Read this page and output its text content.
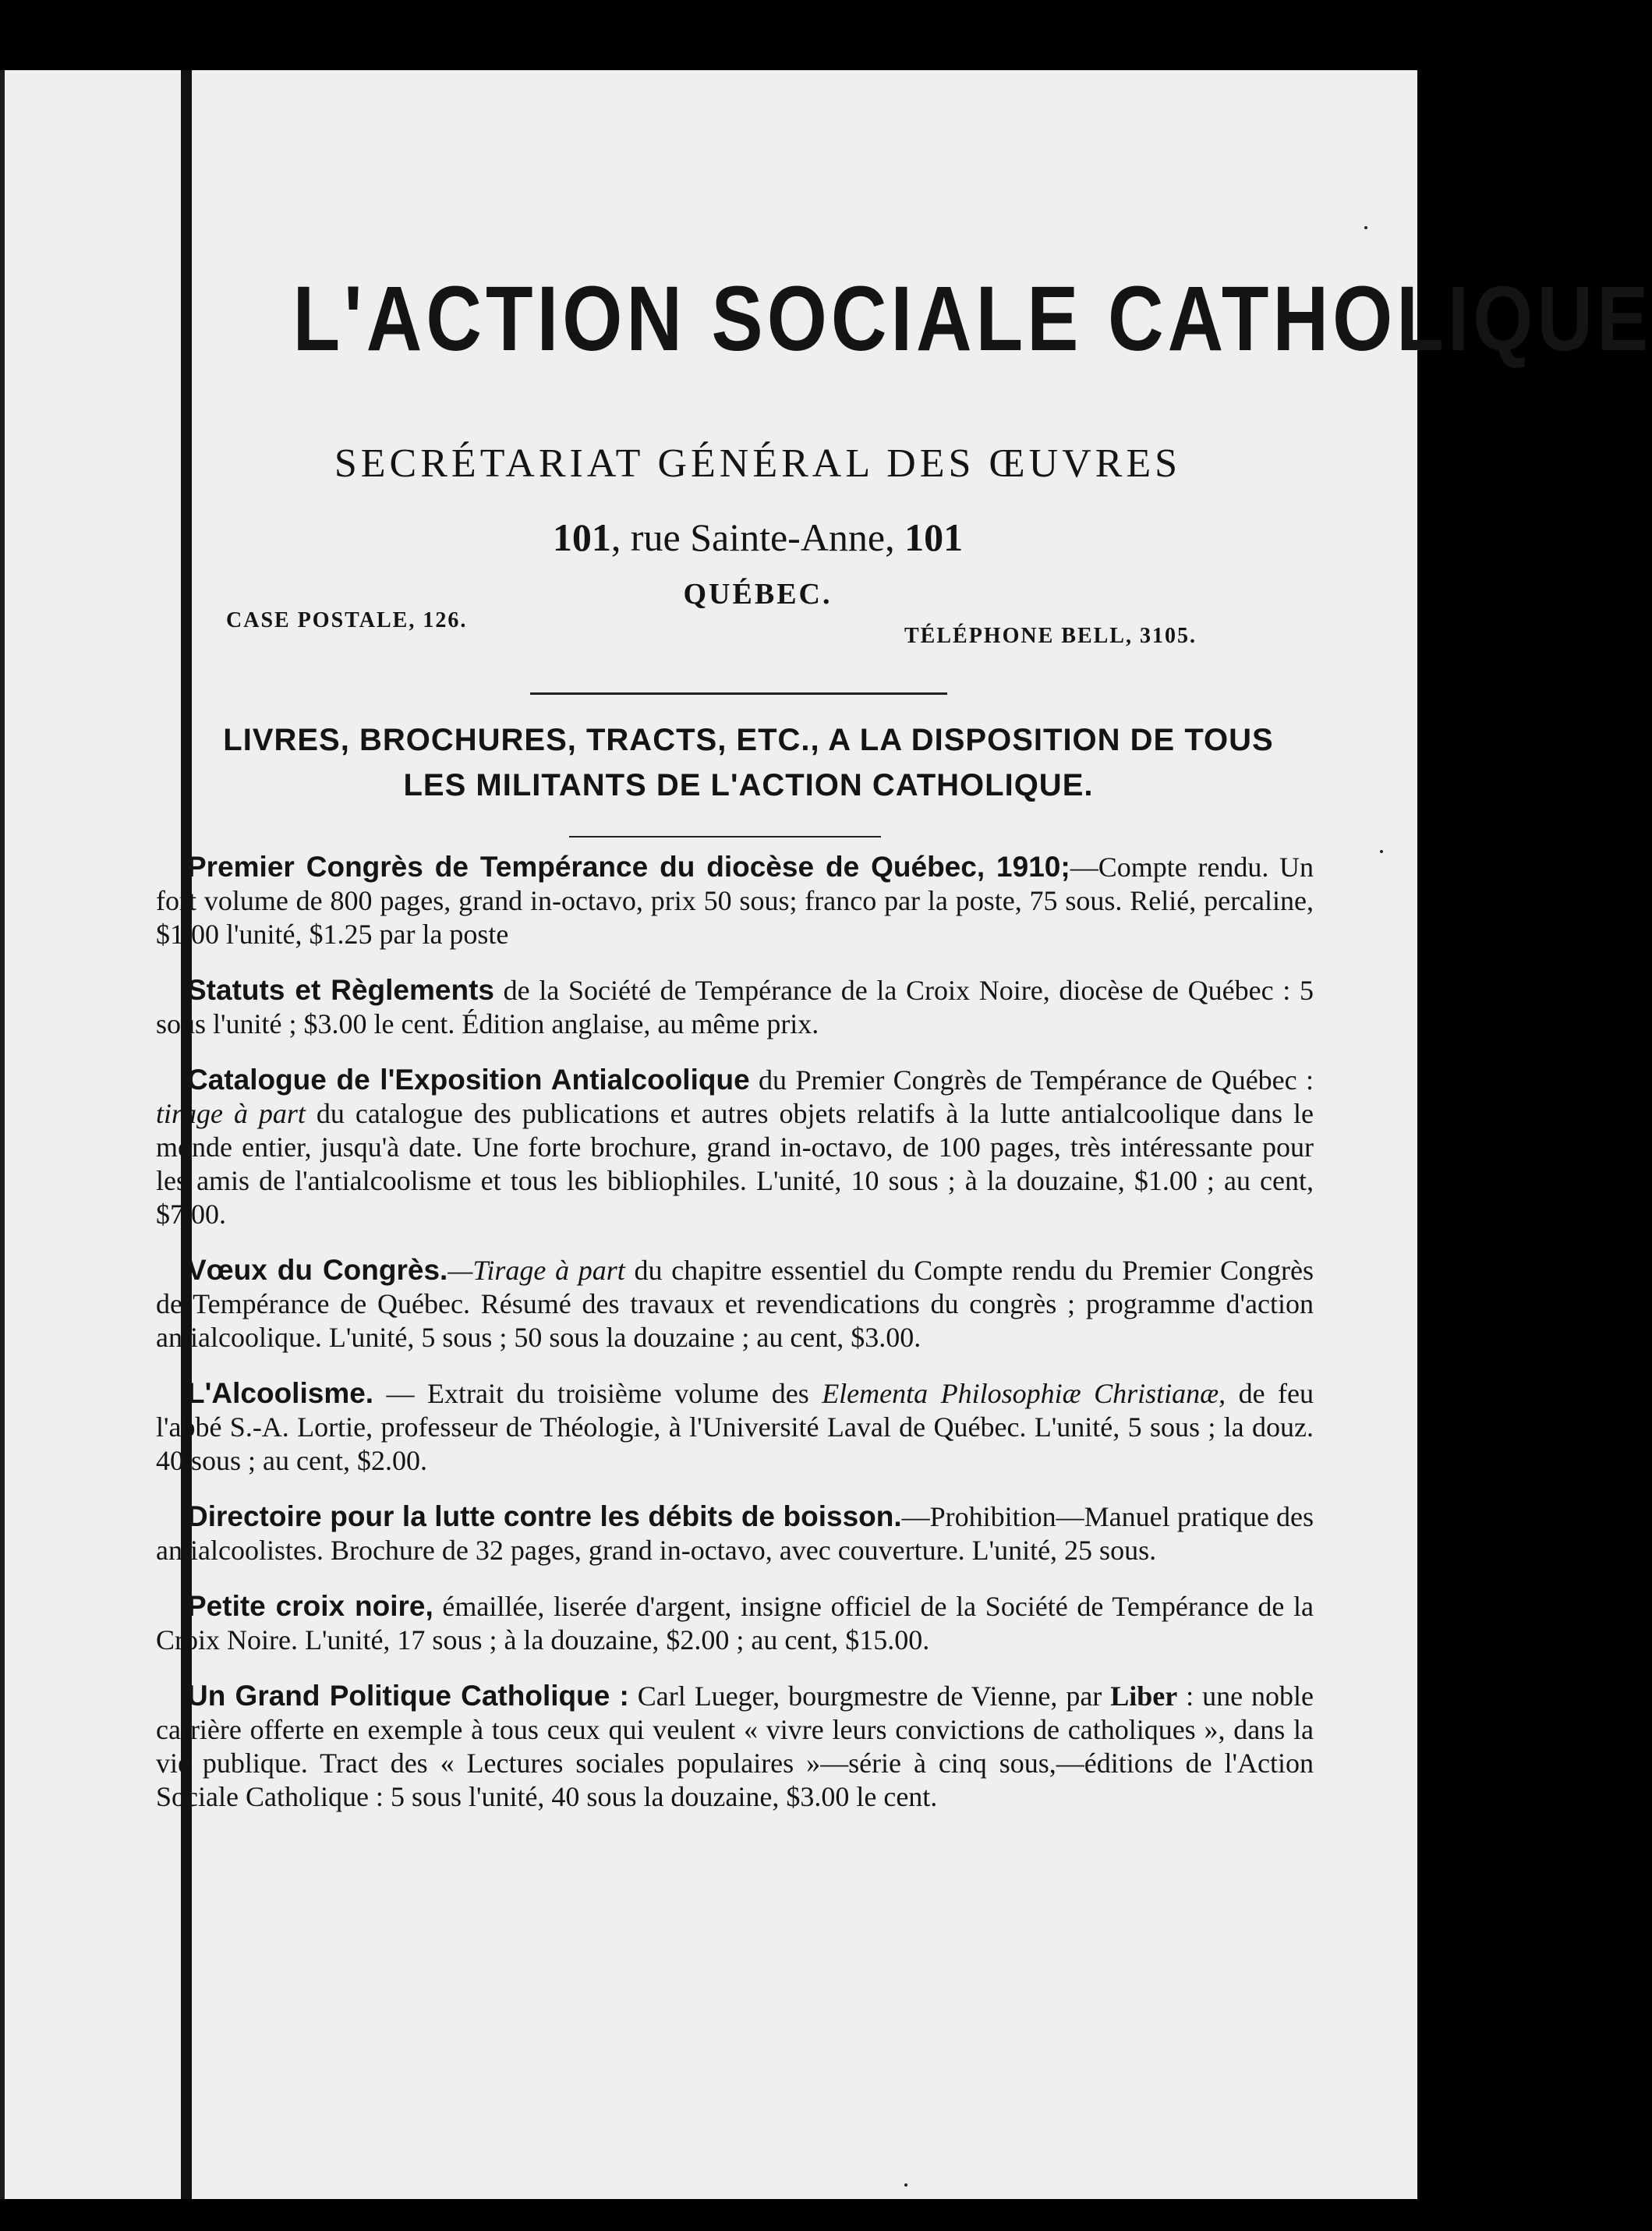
L'ACTION SOCIALE CATHOLIQUE
SECRÉTARIAT GÉNÉRAL DES ŒUVRES
101, rue Sainte-Anne, 101
QUÉBEC.
CASE POSTALE, 126.
TÉLÉPHONE BELL, 3105.
LIVRES, BROCHURES, TRACTS, ETC., A LA DISPOSITION DE TOUS
LES MILITANTS DE L'ACTION CATHOLIQUE.

Premier Congrès de Tempérance du diocèse de Québec, 1910;—Compte rendu. Un fort volume de 800 pages, grand in-octavo, prix 50 sous; franco par la poste, 75 sous. Relié, percaline, $1.00 l'unité, $1.25 par la poste

Statuts et Règlements de la Société de Tempérance de la Croix Noire, diocèse de Québec : 5 sous l'unité ; $3.00 le cent. Édition anglaise, au même prix.

Catalogue de l'Exposition Antialcoolique du Premier Congrès de Tempérance de Québec : tirage à part du catalogue des publications et autres objets relatifs à la lutte antialcoolique dans le monde entier, jusqu'à date. Une forte brochure, grand in-octavo, de 100 pages, très intéressante pour les amis de l'antialcoolisme et tous les bibliophiles. L'unité, 10 sous ; à la douzaine, $1.00 ; au cent, $7.00.

Vœux du Congrès.—Tirage à part du chapitre essentiel du Compte rendu du Premier Congrès de Tempérance de Québec. Résumé des travaux et revendications du congrès ; programme d'action antialcoolique. L'unité, 5 sous ; 50 sous la douzaine ; au cent, $3.00.

L'Alcoolisme. — Extrait du troisième volume des Elementa Philosophiæ Christianæ, de feu l'abbé S.-A. Lortie, professeur de Théologie, à l'Université Laval de Québec. L'unité, 5 sous ; la douz. 40 sous ; au cent, $2.00.

Directoire pour la lutte contre les débits de boisson.—Prohibition—Manuel pratique des antialcoolistes. Brochure de 32 pages, grand in-octavo, avec couverture. L'unité, 25 sous.

Petite croix noire, émaillée, liserée d'argent, insigne officiel de la Société de Tempérance de la Croix Noire. L'unité, 17 sous ; à la douzaine, $2.00 ; au cent, $15.00.

Un Grand Politique Catholique : Carl Lueger, bourgmestre de Vienne, par Liber : une noble carrière offerte en exemple à tous ceux qui veulent « vivre leurs convictions de catholiques », dans la vie publique. Tract des « Lectures sociales populaires »—série à cinq sous,—éditions de l'Action Sociale Catholique : 5 sous l'unité, 40 sous la douzaine, $3.00 le cent.
